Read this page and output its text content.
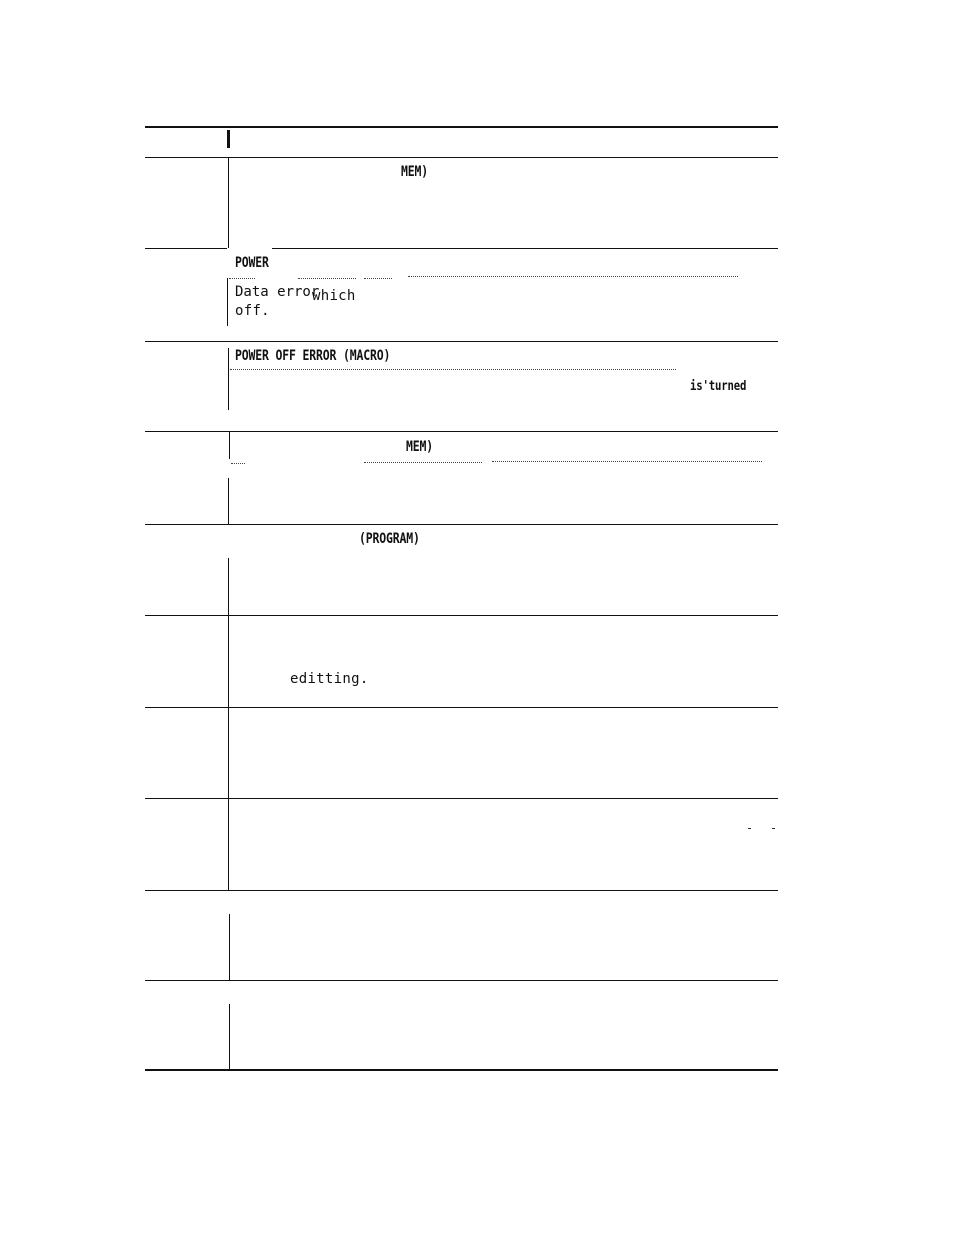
MEM)
POWER
Data error
which
off.
POWER OFF ERROR (MACRO)
is'turned
MEM)
(PROGRAM)
editting.
